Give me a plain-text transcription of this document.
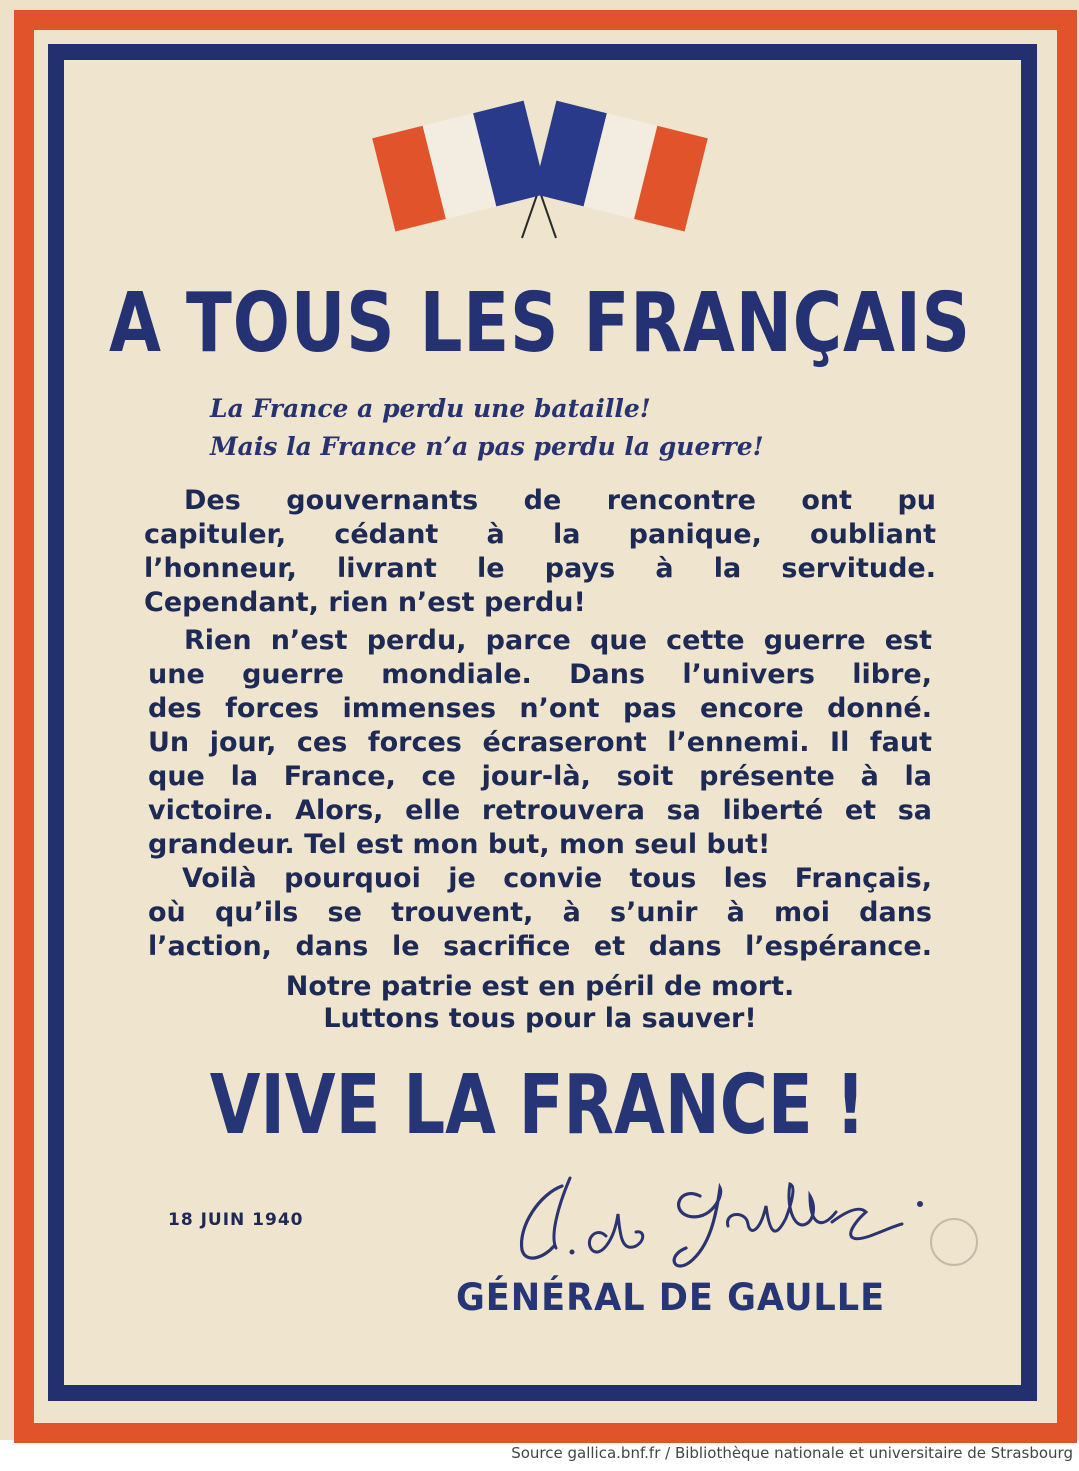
A TOUS LES FRANÇAIS
La France a perdu une bataille!
Mais la France n’a pas perdu la guerre!
Des gouvernants de rencontre ont pu
capituler, cédant à la panique, oubliant
l’honneur, livrant le pays à la servitude.
Cependant, rien n’est perdu!
Rien n’est perdu, parce que cette guerre est
une guerre mondiale. Dans l’univers libre,
des forces immenses n’ont pas encore donné.
Un jour, ces forces écraseront l’ennemi. Il faut
que la France, ce jour-là, soit présente à la
victoire. Alors, elle retrouvera sa liberté et sa
grandeur. Tel est mon but, mon seul but!
Voilà pourquoi je convie tous les Français,
où qu’ils se trouvent, à s’unir à moi dans
l’action, dans le sacrifice et dans l’espérance.
Notre patrie est en péril de mort.
Luttons tous pour la sauver!
VIVE LA FRANCE !
18 JUIN 1940
GÉNÉRAL DE GAULLE
Source gallica.bnf.fr / Bibliothèque nationale et universitaire de Strasbourg
